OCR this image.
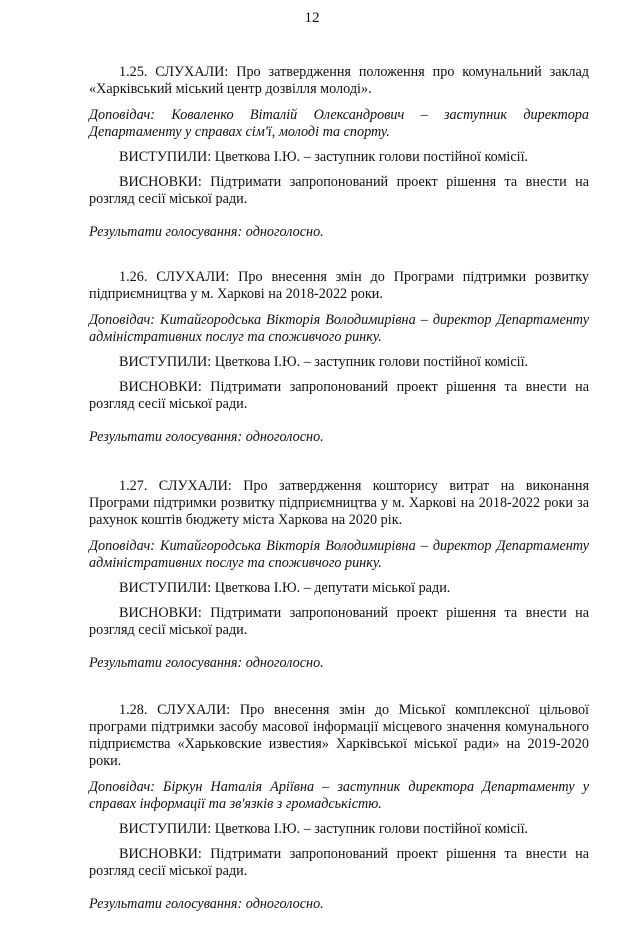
12

1.25. СЛУХАЛИ: Про затвердження положення про комунальний заклад «Харківський міський центр дозвілля молоді».

Доповідач: Коваленко Віталій Олександрович – заступник директора Департаменту у справах сім'ї, молоді та спорту.

ВИСТУПИЛИ: Цветкова І.Ю. – заступник голови постійної комісії.

ВИСНОВКИ: Підтримати запропонований проект рішення та внести на розгляд сесії міської ради.

Результати голосування: одноголосно.

1.26. СЛУХАЛИ: Про внесення змін до Програми підтримки розвитку підприємництва у м. Харкові на 2018-2022 роки.

Доповідач: Китайгородська Вікторія Володимирівна – директор Департаменту адміністративних послуг та споживчого ринку.

ВИСТУПИЛИ: Цветкова І.Ю. – заступник голови постійної комісії.

ВИСНОВКИ: Підтримати запропонований проект рішення та внести на розгляд сесії міської ради.

Результати голосування: одноголосно.

1.27. СЛУХАЛИ: Про затвердження кошторису витрат на виконання Програми підтримки розвитку підприємництва у м. Харкові на 2018-2022 роки за рахунок коштів бюджету міста Харкова на 2020 рік.

Доповідач: Китайгородська Вікторія Володимирівна – директор Департаменту адміністративних послуг та споживчого ринку.

ВИСТУПИЛИ: Цветкова І.Ю. – депутати міської ради.

ВИСНОВКИ: Підтримати запропонований проект рішення та внести на розгляд сесії міської ради.

Результати голосування: одноголосно.

1.28. СЛУХАЛИ: Про внесення змін до Міської комплексної цільової програми підтримки засобу масової інформації місцевого значення комунального підприємства «Харьковские известия» Харківської міської ради» на 2019-2020 роки.

Доповідач: Біркун Наталія Аріївна – заступник директора Департаменту у справах інформації та зв'язків з громадськістю.

ВИСТУПИЛИ: Цветкова І.Ю. – заступник голови постійної комісії.

ВИСНОВКИ: Підтримати запропонований проект рішення та внести на розгляд сесії міської ради.

Результати голосування: одноголосно.
